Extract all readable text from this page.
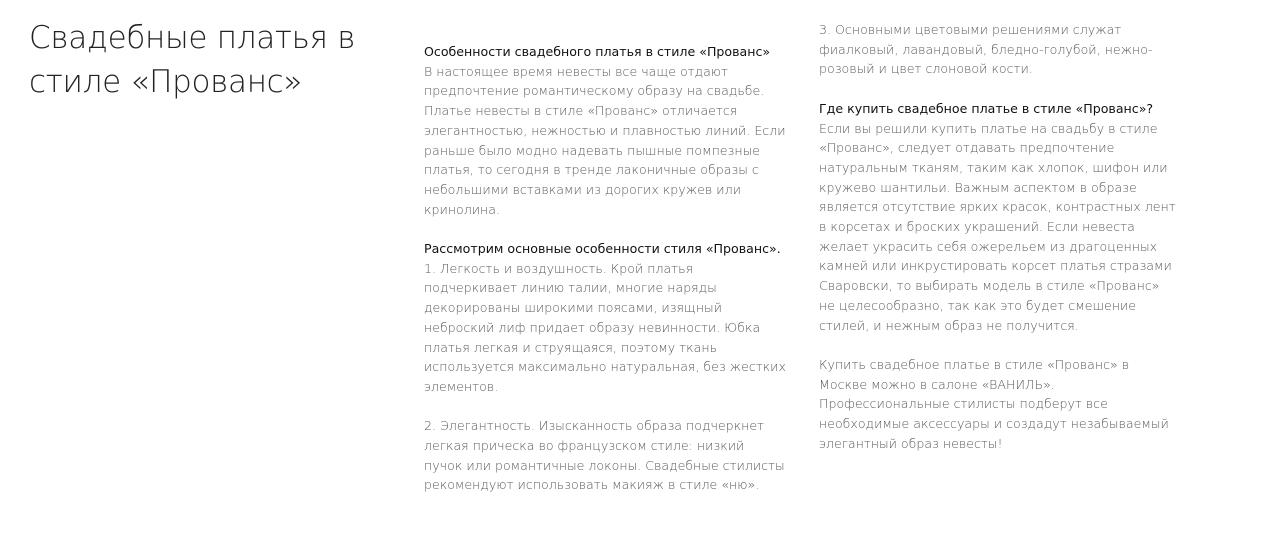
Свадебные платья в стиле «Прованс»

Особенности свадебного платья в стиле «Прованс»

В настоящее время невесты все чаще отдают предпочтение романтическому образу на свадьбе. Платье невесты в стиле «Прованс» отличается элегантностью, нежностью и плавностью линий. Если раньше было модно надевать пышные помпезные платья, то сегодня в тренде лаконичные образы с небольшими вставками из дорогих кружев или кринолина.

Рассмотрим основные особенности стиля «Прованс».

1. Легкость и воздушность. Крой платья подчеркивает линию талии, многие наряды декорированы широкими поясами, изящный неброский лиф придает образу невинности. Юбка платья легкая и струящаяся, поэтому ткань используется максимально натуральная, без жестких элементов.

2. Элегантность. Изысканность образа подчеркнет легкая прическа во французском стиле: низкий пучок или романтичные локоны. Свадебные стилисты рекомендуют использовать макияж в стиле «ню».

3. Основными цветовыми решениями служат фиалковый, лавандовый, бледно-голубой, нежно-розовый и цвет слоновой кости.

Где купить свадебное платье в стиле «Прованс»?

Если вы решили купить платье на свадьбу в стиле «Прованс», следует отдавать предпочтение натуральным тканям, таким как хлопок, шифон или кружево шантильи. Важным аспектом в образе является отсутствие ярких красок, контрастных лент в корсетах и броских украшений. Если невеста желает украсить себя ожерельем из драгоценных камней или инкрустировать корсет платья стразами Сваровски, то выбирать модель в стиле «Прованс» не целесообразно, так как это будет смешение стилей, и нежным образ не получится.

Купить свадебное платье в стиле «Прованс» в Москве можно в салоне «ВАНИЛЬ». Профессиональные стилисты подберут все необходимые аксессуары и создадут незабываемый элегантный образ невесты!
